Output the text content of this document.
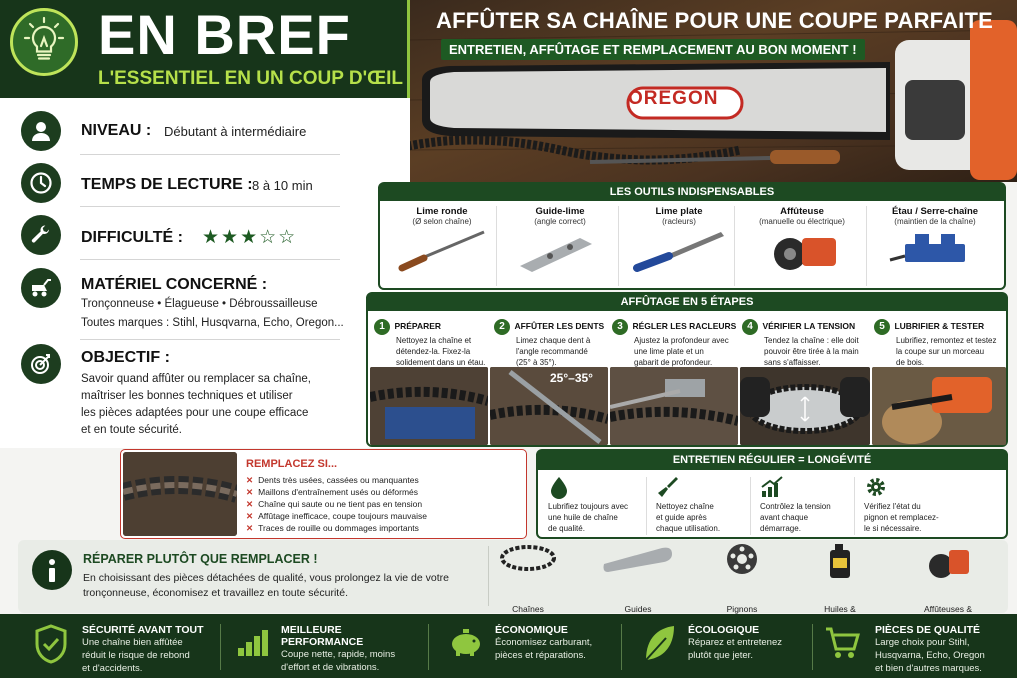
EN BREF
L'ESSENTIEL EN UN COUP D'ŒIL
NIVEAU : Débutant à intermédiaire
TEMPS DE LECTURE : 8 à 10 min
DIFFICULTÉ : ★★★☆☆
MATÉRIEL CONCERNÉ :
Tronçonneuse • Élagueuse • Débroussailleuse
Toutes marques : Stihl, Husqvarna, Echo, Oregon...
OBJECTIF :
Savoir quand affûter ou remplacer sa chaîne,
maîtriser les bonnes techniques et utiliser
les pièces adaptées pour une coupe efficace
et en toute sécurité.
OREGON
AFFÛTER SA CHAÎNE POUR UNE COUPE PARFAITE
ENTRETIEN, AFFÛTAGE ET REMPLACEMENT AU BON MOMENT !
LES OUTILS INDISPENSABLES
Lime ronde
(Ø selon chaîne)
Guide-lime
(angle correct)
Lime plate
(racleurs)
Affûteuse
(manuelle ou électrique)
Étau / Serre-chaîne
(maintien de la chaîne)
AFFÛTAGE EN 5 ÉTAPES
1 PRÉPARER
Nettoyez la chaîne et
détendez-la. Fixez-la
solidement dans un étau.
2 AFFÛTER LES DENTS
Limez chaque dent à
l'angle recommandé
(25° à 35°).
3 RÉGLER LES RACLEURS
Ajustez la profondeur avec
une lime plate et un
gabarit de profondeur.
4 VÉRIFIER LA TENSION
Tendez la chaîne : elle doit
pouvoir être tirée à la main
sans s'affaisser.
5 LUBRIFIER & TESTER
Lubrifiez, remontez et testez
la coupe sur un morceau
de bois.
25°–35°
REMPLACEZ SI...
✕ Dents très usées, cassées ou manquantes
✕ Maillons d'entraînement usés ou déformés
✕ Chaîne qui saute ou ne tient pas en tension
✕ Affûtage inefficace, coupe toujours mauvaise
✕ Traces de rouille ou dommages importants
ENTRETIEN RÉGULIER = LONGÉVITÉ
Lubrifiez toujours avec
une huile de chaîne
de qualité.
Nettoyez chaîne
et guide après
chaque utilisation.
Contrôlez la tension
avant chaque
démarrage.
Vérifiez l'état du
pignon et remplacez-
le si nécessaire.
RÉPARER PLUTÔT QUE REMPLACER !
En choisissant des pièces détachées de qualité, vous prolongez la vie de votre
tronçonneuse, économisez et travaillez en toute sécurité.
Chaînes	Guides	Pignons	Huiles &	Affûteuses &
SÉCURITÉ AVANT TOUT
Une chaîne bien affûtée
réduit le risque de rebond
et d'accidents.
MEILLEURE PERFORMANCE
Coupe nette, rapide, moins
d'effort et de vibrations.
ÉCONOMIQUE
Économisez carburant,
pièces et réparations.
ÉCOLOGIQUE
Réparez et entretenez
plutôt que jeter.
PIÈCES DE QUALITÉ
Large choix pour Stihl,
Husqvarna, Echo, Oregon
et bien d'autres marques.
